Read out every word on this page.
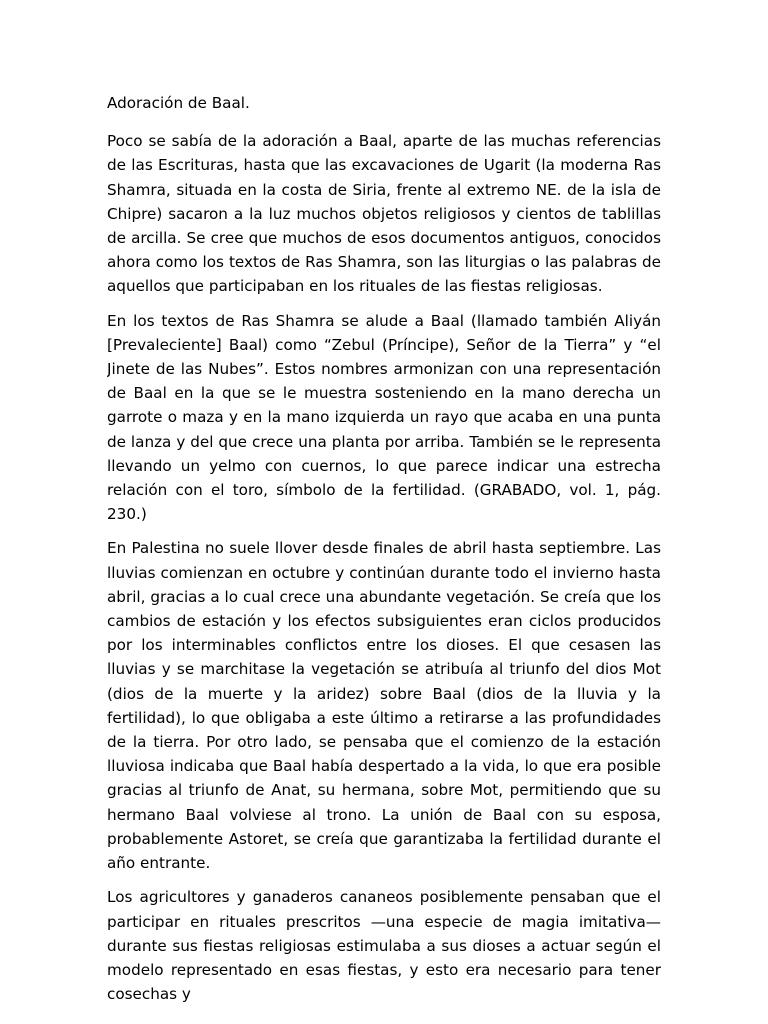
Adoración de Baal.

Poco se sabía de la adoración a Baal, aparte de las muchas referencias de las Escrituras, hasta que las excavaciones de Ugarit (la moderna Ras Shamra, situada en la costa de Siria, frente al extremo NE. de la isla de Chipre) sacaron a la luz muchos objetos religiosos y cientos de tablillas de arcilla. Se cree que muchos de esos documentos antiguos, conocidos ahora como los textos de Ras Shamra, son las liturgias o las palabras de aquellos que participaban en los rituales de las fiestas religiosas.

En los textos de Ras Shamra se alude a Baal (llamado también Aliyán [Prevaleciente] Baal) como “Zebul (Príncipe), Señor de la Tierra” y “el Jinete de las Nubes”. Estos nombres armonizan con una representación de Baal en la que se le muestra sosteniendo en la mano derecha un garrote o maza y en la mano izquierda un rayo que acaba en una punta de lanza y del que crece una planta por arriba. También se le representa llevando un yelmo con cuernos, lo que parece indicar una estrecha relación con el toro, símbolo de la fertilidad. (GRABADO, vol. 1, pág. 230.)

En Palestina no suele llover desde finales de abril hasta septiembre. Las lluvias comienzan en octubre y continúan durante todo el invierno hasta abril, gracias a lo cual crece una abundante vegetación. Se creía que los cambios de estación y los efectos subsiguientes eran ciclos producidos por los interminables conflictos entre los dioses. El que cesasen las lluvias y se marchitase la vegetación se atribuía al triunfo del dios Mot (dios de la muerte y la aridez) sobre Baal (dios de la lluvia y la fertilidad), lo que obligaba a este último a retirarse a las profundidades de la tierra. Por otro lado, se pensaba que el comienzo de la estación lluviosa indicaba que Baal había despertado a la vida, lo que era posible gracias al triunfo de Anat, su hermana, sobre Mot, permitiendo que su hermano Baal volviese al trono. La unión de Baal con su esposa, probablemente Astoret, se creía que garantizaba la fertilidad durante el año entrante.

Los agricultores y ganaderos cananeos posiblemente pensaban que el participar en rituales prescritos —una especie de magia imitativa— durante sus fiestas religiosas estimulaba a sus dioses a actuar según el modelo representado en esas fiestas, y esto era necesario para tener cosechas y
